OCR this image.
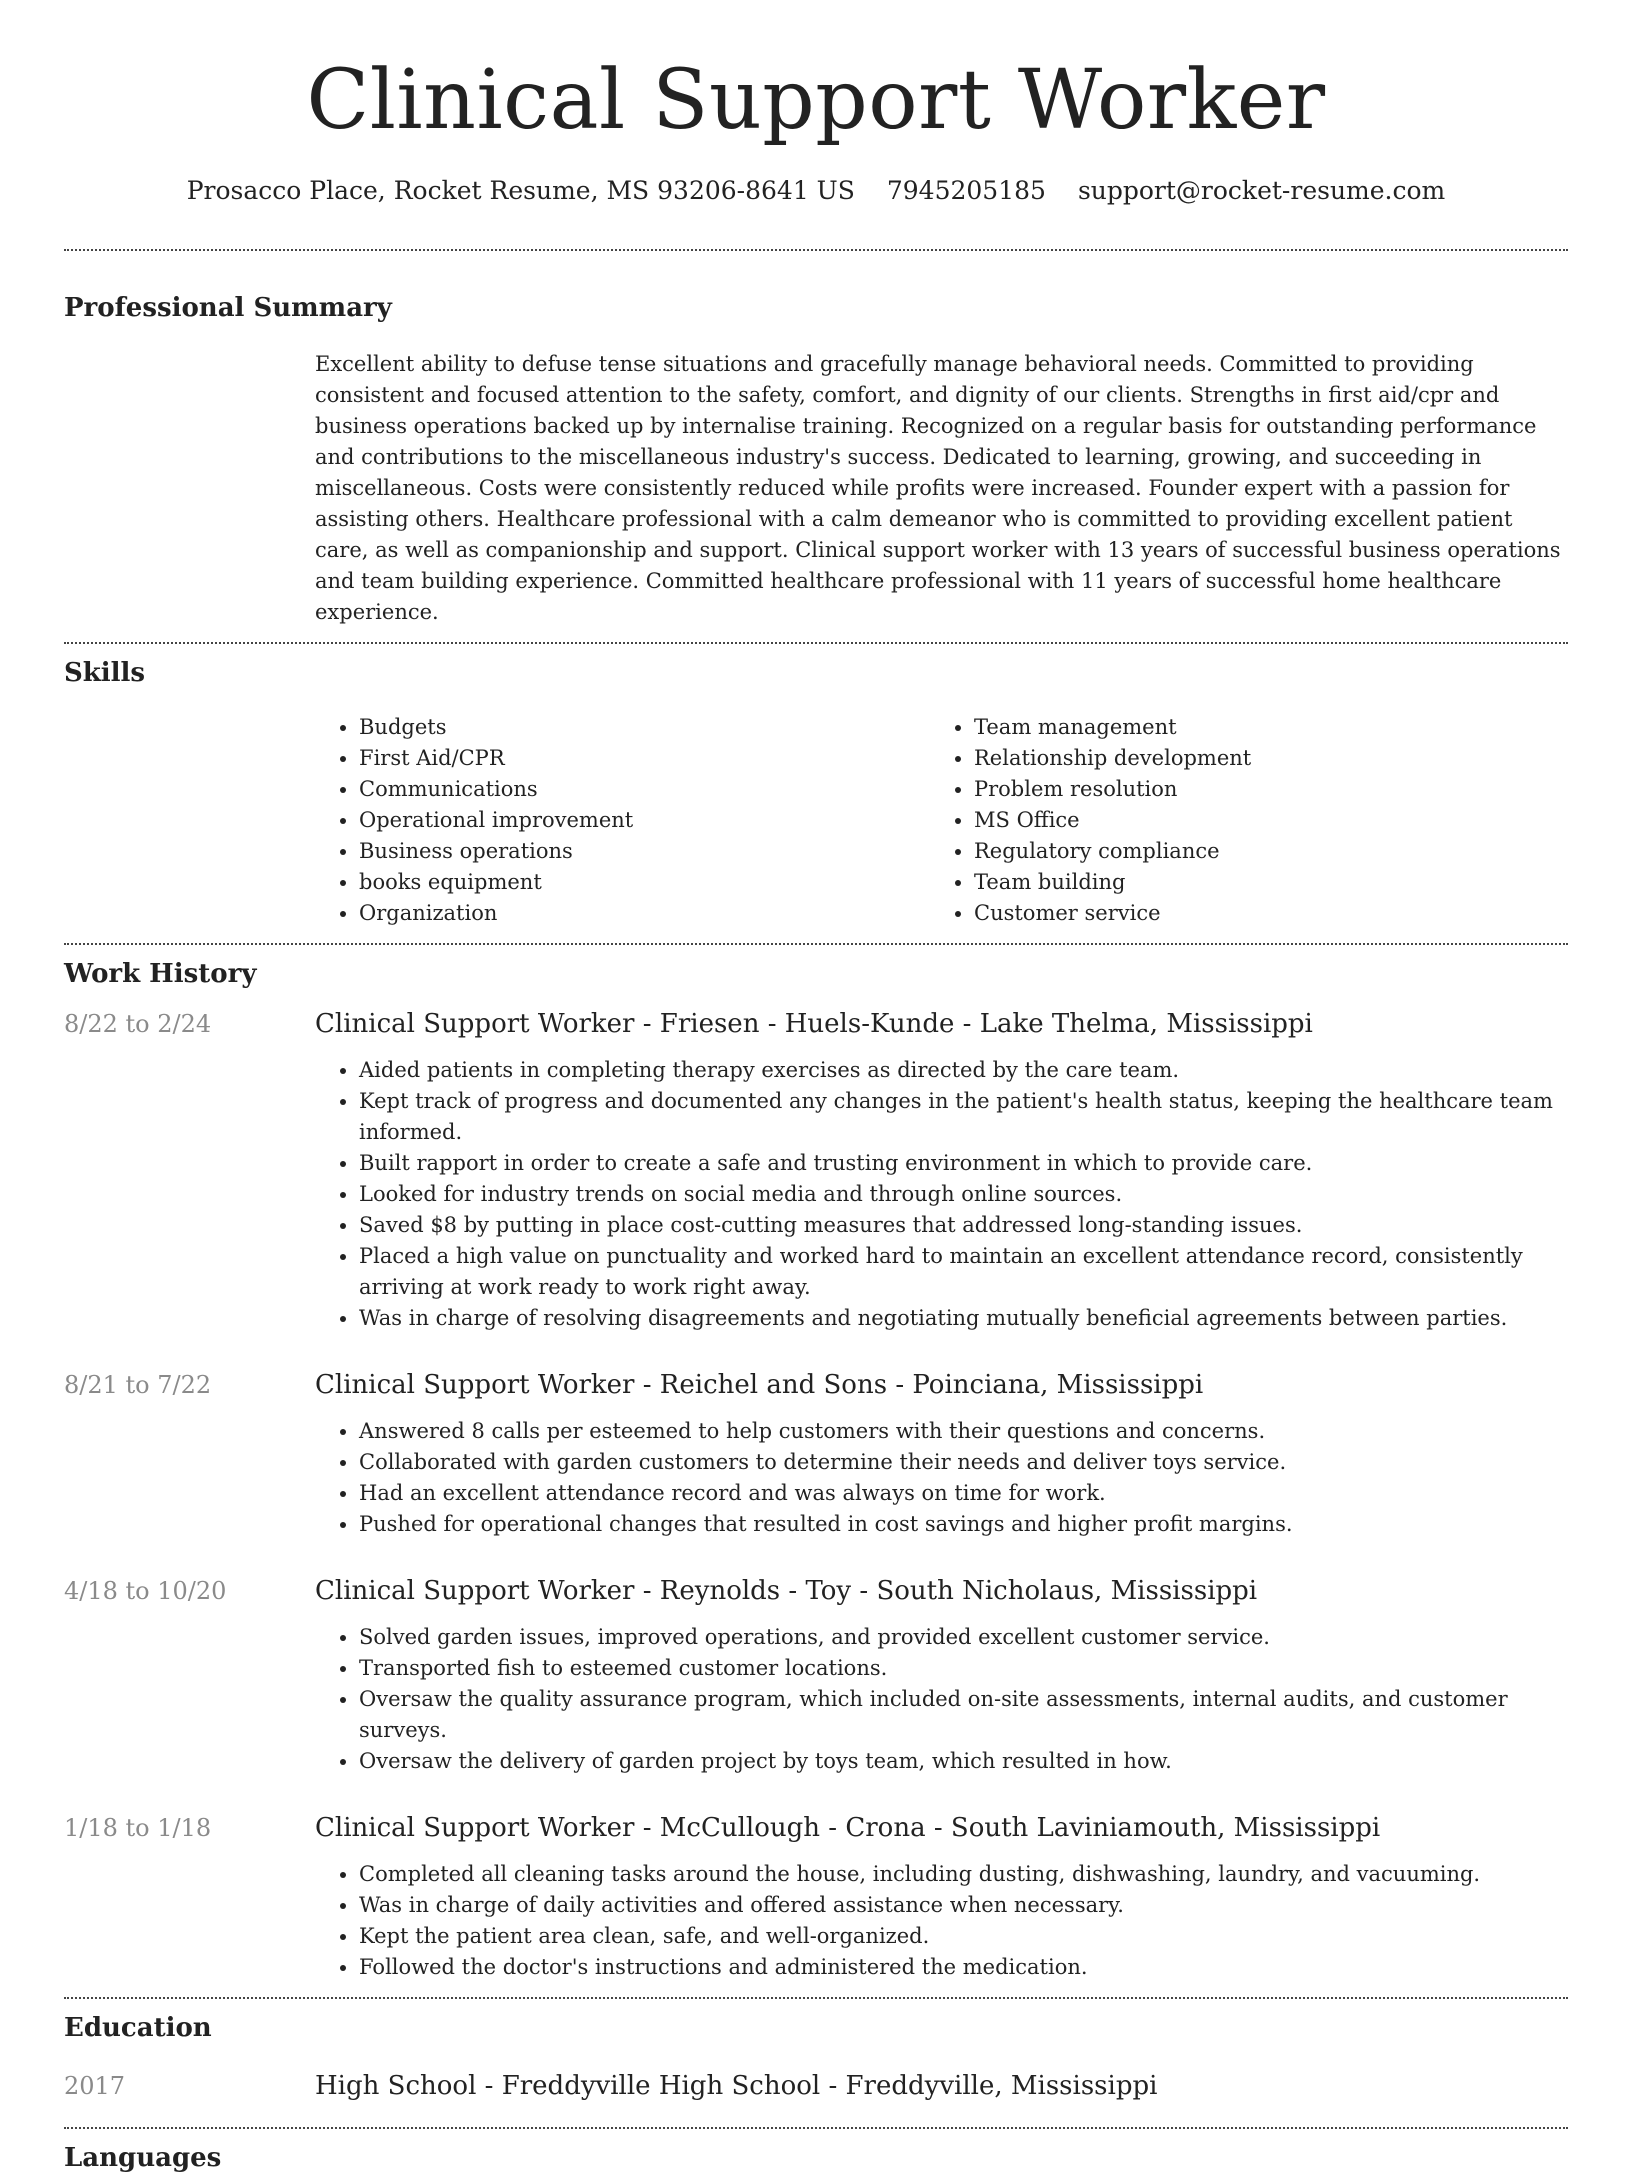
Clinical Support Worker
Prosacco Place, Rocket Resume, MS 93206-8641 US 7945205185 support@rocket-resume.com
Professional Summary

Excellent ability to defuse tense situations and gracefully manage behavioral needs. Committed to providing consistent and focused attention to the safety, comfort, and dignity of our clients. Strengths in first aid/cpr and business operations backed up by internalise training. Recognized on a regular basis for outstanding performance and contributions to the miscellaneous industry's success. Dedicated to learning, growing, and succeeding in miscellaneous. Costs were consistently reduced while profits were increased. Founder expert with a passion for assisting others. Healthcare professional with a calm demeanor who is committed to providing excellent patient care, as well as companionship and support. Clinical support worker with 13 years of successful business operations and team building experience. Committed healthcare professional with 11 years of successful home healthcare experience.

Skills
• Budgets
• First Aid/CPR
• Communications
• Operational improvement
• Business operations
• books equipment
• Organization
• Team management
• Relationship development
• Problem resolution
• MS Office
• Regulatory compliance
• Team building
• Customer service
Work History
8/22 to 2/24	Clinical Support Worker - Friesen - Huels-Kunde - Lake Thelma, Mississippi
• Aided patients in completing therapy exercises as directed by the care team.
• Kept track of progress and documented any changes in the patient's health status, keeping the healthcare team informed.
• Built rapport in order to create a safe and trusting environment in which to provide care.
• Looked for industry trends on social media and through online sources.
• Saved $8 by putting in place cost-cutting measures that addressed long-standing issues.
• Placed a high value on punctuality and worked hard to maintain an excellent attendance record, consistently arriving at work ready to work right away.
• Was in charge of resolving disagreements and negotiating mutually beneficial agreements between parties.
8/21 to 7/22	Clinical Support Worker - Reichel and Sons - Poinciana, Mississippi
• Answered 8 calls per esteemed to help customers with their questions and concerns.
• Collaborated with garden customers to determine their needs and deliver toys service.
• Had an excellent attendance record and was always on time for work.
• Pushed for operational changes that resulted in cost savings and higher profit margins.
4/18 to 10/20	Clinical Support Worker - Reynolds - Toy - South Nicholaus, Mississippi
• Solved garden issues, improved operations, and provided excellent customer service.
• Transported fish to esteemed customer locations.
• Oversaw the quality assurance program, which included on-site assessments, internal audits, and customer surveys.
• Oversaw the delivery of garden project by toys team, which resulted in how.
1/18 to 1/18	Clinical Support Worker - McCullough - Crona - South Laviniamouth, Mississippi
• Completed all cleaning tasks around the house, including dusting, dishwashing, laundry, and vacuuming.
• Was in charge of daily activities and offered assistance when necessary.
• Kept the patient area clean, safe, and well-organized.
• Followed the doctor's instructions and administered the medication.
Education
2017	High School - Freddyville High School - Freddyville, Mississippi
Languages
